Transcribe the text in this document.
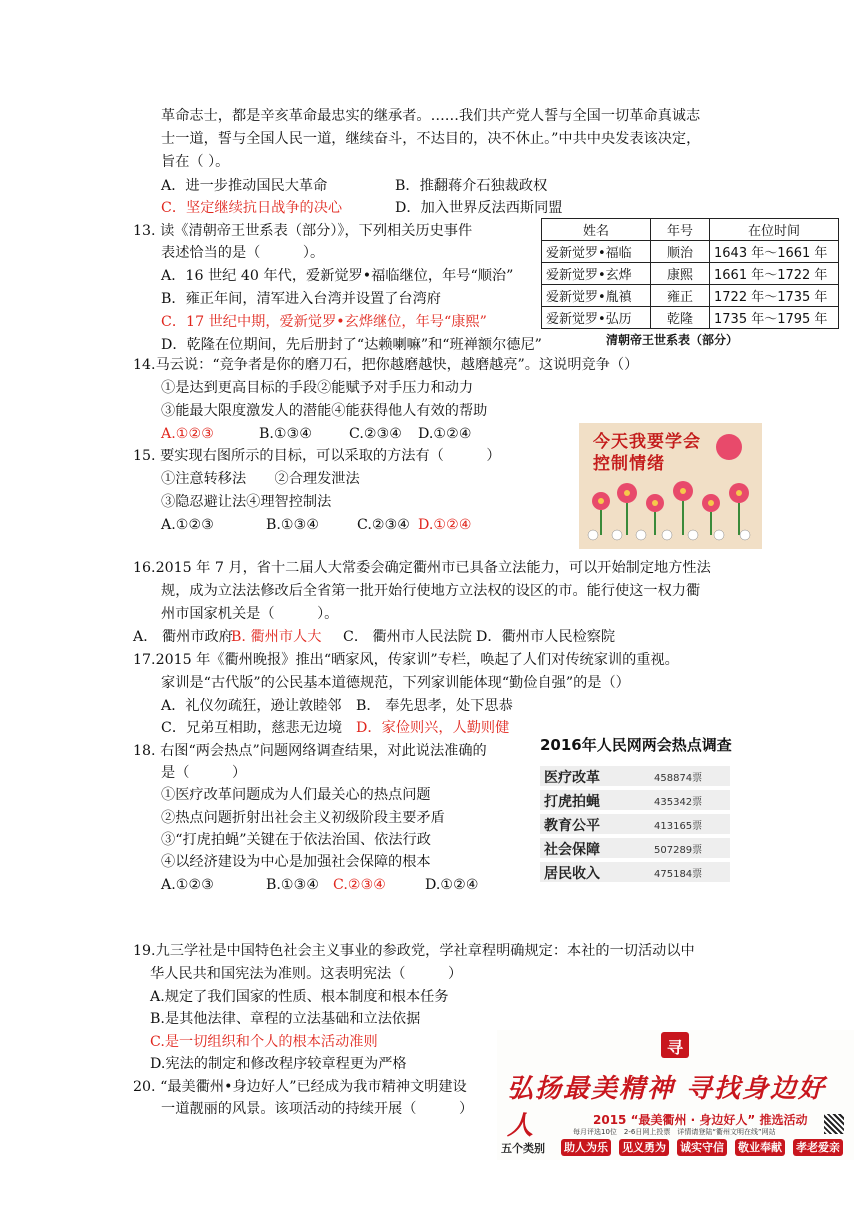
革命志士，都是辛亥革命最忠实的继承者。……我们共产党人誓与全国一切革命真诚志
士一道，誓与全国人民一道，继续奋斗，不达目的，决不休止。”中共中央发表该决定，
旨在（ ）。
A．进一步推动国民大革命	B．推翻蒋介石独裁政权
C．坚定继续抗日战争的决心	D．加入世界反法西斯同盟
13. 读《清朝帝王世系表（部分）》，下列相关历史事件
表述恰当的是（　　　）。
A．16 世纪 40 年代，爱新觉罗•福临继位，年号“顺治”
B．雍正年间，清军进入台湾并设置了台湾府
C．17 世纪中期，爱新觉罗•玄烨继位，年号“康熙”
D．乾隆在位期间，先后册封了“达赖喇嘛”和“班禅额尔德尼”
姓名	年号	在位时间
爱新觉罗•福临	顺治	1643 年～1661 年
爱新觉罗•玄烨	康熙	1661 年～1722 年
爱新觉罗•胤禛	雍正	1722 年～1735 年
爱新觉罗•弘历	乾隆	1735 年～1795 年
清朝帝王世系表（部分）
14.马云说：“竞争者是你的磨刀石，把你越磨越快，越磨越亮”。这说明竞争（）
①是达到更高目标的手段②能赋予对手压力和动力
③能最大限度激发人的潜能④能获得他人有效的帮助
A.①②③	B.①③④	C.②③④ D.①②④
15. 要实现右图所示的目标，可以采取的方法有（　　　）
①注意转移法　　②合理发泄法
③隐忍避让法④理智控制法
A.①②③	B.①③④	C.②③④ D.①②④
今天我要学会控制情绪
16.2015 年 7 月，省十二届人大常委会确定衢州市已具备立法能力，可以开始制定地方性法
规，成为立法法修改后全省第一批开始行使地方立法权的设区的市。能行使这一权力衢
州市国家机关是（　　　）。
A． 衢州市政府
B. 衢州市人大 C． 衢州市人民法院 D．衢州市人民检察院
17.2015 年《衢州晚报》推出“晒家风，传家训”专栏，唤起了人们对传统家训的重视。
家训是“古代版”的公民基本道德规范，下列家训能体现“勤俭自强”的是（）
A．礼仪勿疏狂，逊让敦睦邻 B． 奉先思孝，处下思恭
C．兄弟互相助，慈悲无边境 D．家俭则兴，人勤则健
18. 右图“两会热点”问题网络调查结果，对此说法准确的
是（　　　）
①医疗改革问题成为人们最关心的热点问题
②热点问题折射出社会主义初级阶段主要矛盾
③“打虎拍蝇”关键在于依法治国、依法行政
④以经济建设为中心是加强社会保障的根本
A.①②③	B.①③④ C.②③④	D.①②④
2016年人民网两会热点调查
医疗改革	458874票
打虎拍蝇	435342票
教育公平	413165票
社会保障	507289票
居民收入	475184票
19.九三学社是中国特色社会主义事业的参政党，学社章程明确规定：本社的一切活动以中
华人民共和国宪法为准则。这表明宪法（　　　）
A.规定了我们国家的性质、根本制度和根本任务
B.是其他法律、章程的立法基础和立法依据
C.是一切组织和个人的根本活动准则
D.宪法的制定和修改程序较章程更为严格
20. “最美衢州•身边好人”已经成为我市精神文明建设
一道靓丽的风景。该项活动的持续开展（　　　）
寻
弘扬最美精神 寻找身边好人	2015 “最美衢州 · 身边好人” 推选活动
每月评选10位　2-6日网上投票　详情请登陆“衢州文明在线”网站
五个类别 助人为乐 见义勇为 诚实守信 敬业奉献 孝老爱亲
